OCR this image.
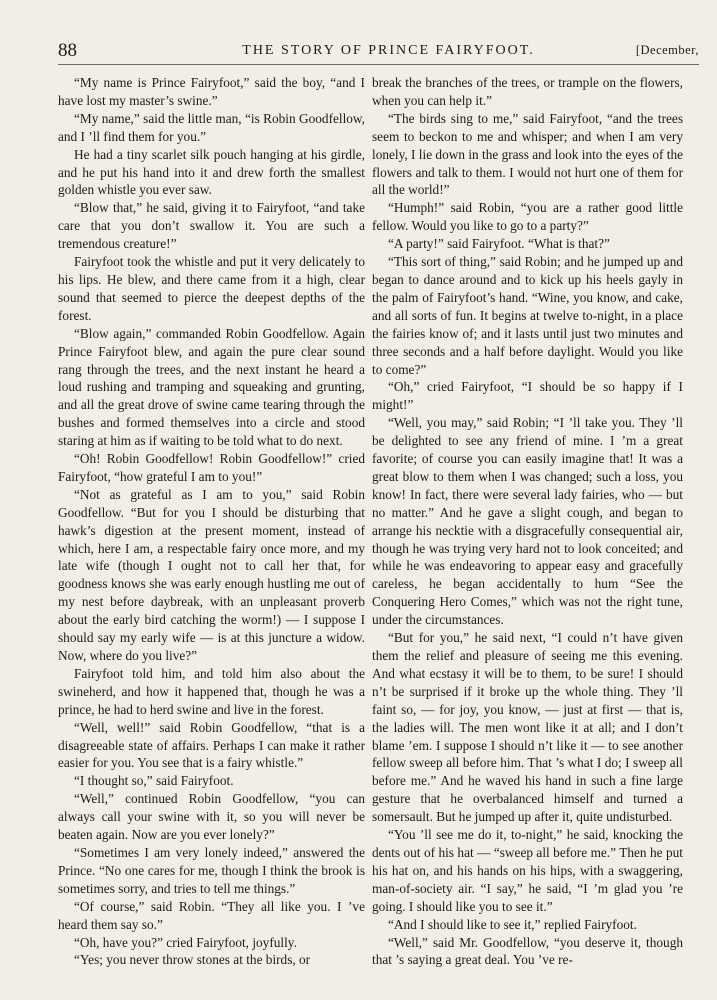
88	THE STORY OF PRINCE FAIRYFOOT.	[December,

“My name is Prince Fairyfoot,” said the boy, “and I have lost my master’s swine.”

“My name,” said the little man, “is Robin Goodfellow, and I ’ll find them for you.”

He had a tiny scarlet silk pouch hanging at his girdle, and he put his hand into it and drew forth the smallest golden whistle you ever saw.

“Blow that,” he said, giving it to Fairyfoot, “and take care that you don’t swallow it. You are such a tremendous creature!”

Fairyfoot took the whistle and put it very delicately to his lips. He blew, and there came from it a high, clear sound that seemed to pierce the deepest depths of the forest.

“Blow again,” commanded Robin Goodfellow. Again Prince Fairyfoot blew, and again the pure clear sound rang through the trees, and the next instant he heard a loud rushing and tramping and squeaking and grunting, and all the great drove of swine came tearing through the bushes and formed themselves into a circle and stood staring at him as if waiting to be told what to do next.

“Oh! Robin Goodfellow! Robin Goodfellow!” cried Fairyfoot, “how grateful I am to you!”

“Not as grateful as I am to you,” said Robin Goodfellow. “But for you I should be disturbing that hawk’s digestion at the present moment, instead of which, here I am, a respectable fairy once more, and my late wife (though I ought not to call her that, for goodness knows she was early enough hustling me out of my nest before daybreak, with an unpleasant proverb about the early bird catching the worm!) — I suppose I should say my early wife — is at this juncture a widow. Now, where do you live?”

Fairyfoot told him, and told him also about the swineherd, and how it happened that, though he was a prince, he had to herd swine and live in the forest.

“Well, well!” said Robin Goodfellow, “that is a disagreeable state of affairs. Perhaps I can make it rather easier for you. You see that is a fairy whistle.”

“I thought so,” said Fairyfoot.

“Well,” continued Robin Goodfellow, “you can always call your swine with it, so you will never be beaten again. Now are you ever lonely?”

“Sometimes I am very lonely indeed,” answered the Prince. “No one cares for me, though I think the brook is sometimes sorry, and tries to tell me things.”

“Of course,” said Robin. “They all like you. I ’ve heard them say so.”

“Oh, have you?” cried Fairyfoot, joyfully.

“Yes; you never throw stones at the birds, or

break the branches of the trees, or trample on the flowers, when you can help it.”

“The birds sing to me,” said Fairyfoot, “and the trees seem to beckon to me and whisper; and when I am very lonely, I lie down in the grass and look into the eyes of the flowers and talk to them. I would not hurt one of them for all the world!”

“Humph!” said Robin, “you are a rather good little fellow. Would you like to go to a party?”

“A party!” said Fairyfoot. “What is that?”

“This sort of thing,” said Robin; and he jumped up and began to dance around and to kick up his heels gayly in the palm of Fairyfoot’s hand. “Wine, you know, and cake, and all sorts of fun. It begins at twelve to-night, in a place the fairies know of; and it lasts until just two minutes and three seconds and a half before daylight. Would you like to come?”

“Oh,” cried Fairyfoot, “I should be so happy if I might!”

“Well, you may,” said Robin; “I ’ll take you. They ’ll be delighted to see any friend of mine. I ’m a great favorite; of course you can easily imagine that! It was a great blow to them when I was changed; such a loss, you know! In fact, there were several lady fairies, who — but no matter.” And he gave a slight cough, and began to arrange his necktie with a disgracefully consequential air, though he was trying very hard not to look conceited; and while he was endeavoring to appear easy and gracefully careless, he began accidentally to hum “See the Conquering Hero Comes,” which was not the right tune, under the circumstances.

“But for you,” he said next, “I could n’t have given them the relief and pleasure of seeing me this evening. And what ecstasy it will be to them, to be sure! I should n’t be surprised if it broke up the whole thing. They ’ll faint so, — for joy, you know, — just at first — that is, the ladies will. The men wont like it at all; and I don’t blame ’em. I suppose I should n’t like it — to see another fellow sweep all before him. That ’s what I do; I sweep all before me.” And he waved his hand in such a fine large gesture that he overbalanced himself and turned a somersault. But he jumped up after it, quite undisturbed.

“You ’ll see me do it, to-night,” he said, knocking the dents out of his hat — “sweep all before me.” Then he put his hat on, and his hands on his hips, with a swaggering, man-of-society air. “I say,” he said, “I ’m glad you ’re going. I should like you to see it.”

“And I should like to see it,” replied Fairyfoot.

“Well,” said Mr. Goodfellow, “you deserve it, though that ’s saying a great deal. You ’ve re-
